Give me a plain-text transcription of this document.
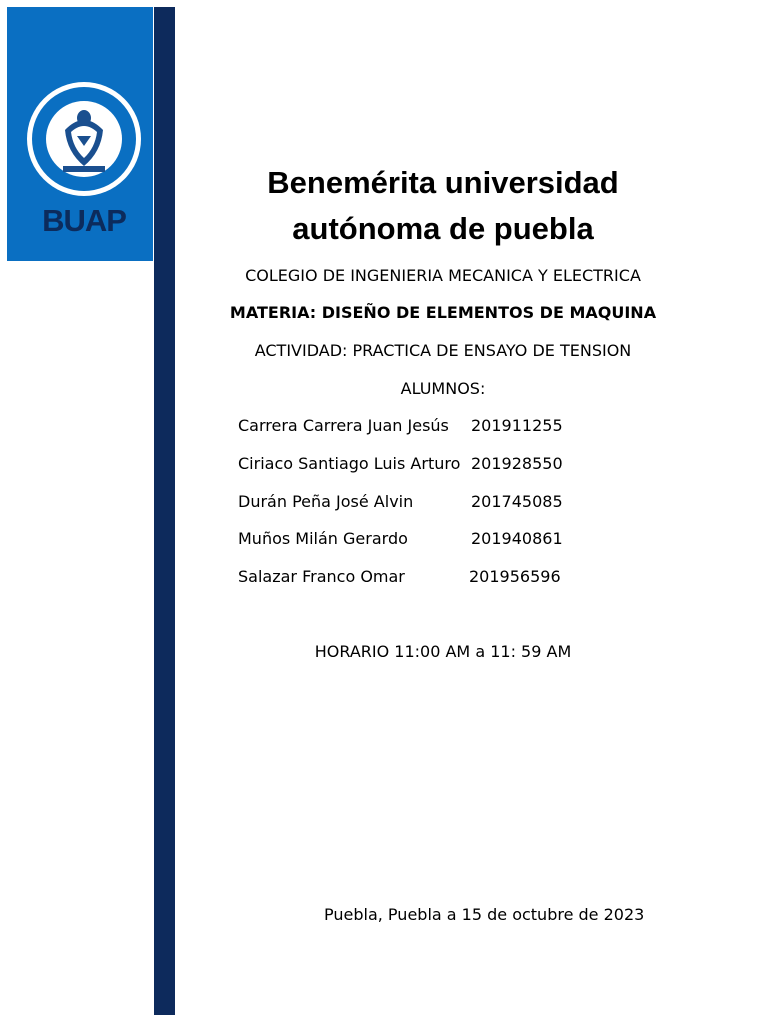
BUAP
Benemérita universidad
autónoma de puebla
COLEGIO DE INGENIERIA MECANICA Y ELECTRICA
MATERIA: DISEÑO DE ELEMENTOS DE MAQUINA
ACTIVIDAD: PRACTICA DE ENSAYO DE TENSION
ALUMNOS:
Carrera Carrera Juan Jesús 201911255
Ciriaco Santiago Luis Arturo 201928550
Durán Peña José Alvin	201745085
Muños Milán Gerardo	201940861
Salazar Franco Omar	201956596
HORARIO 11:00 AM a 11: 59 AM
Puebla, Puebla a 15 de octubre de 2023
